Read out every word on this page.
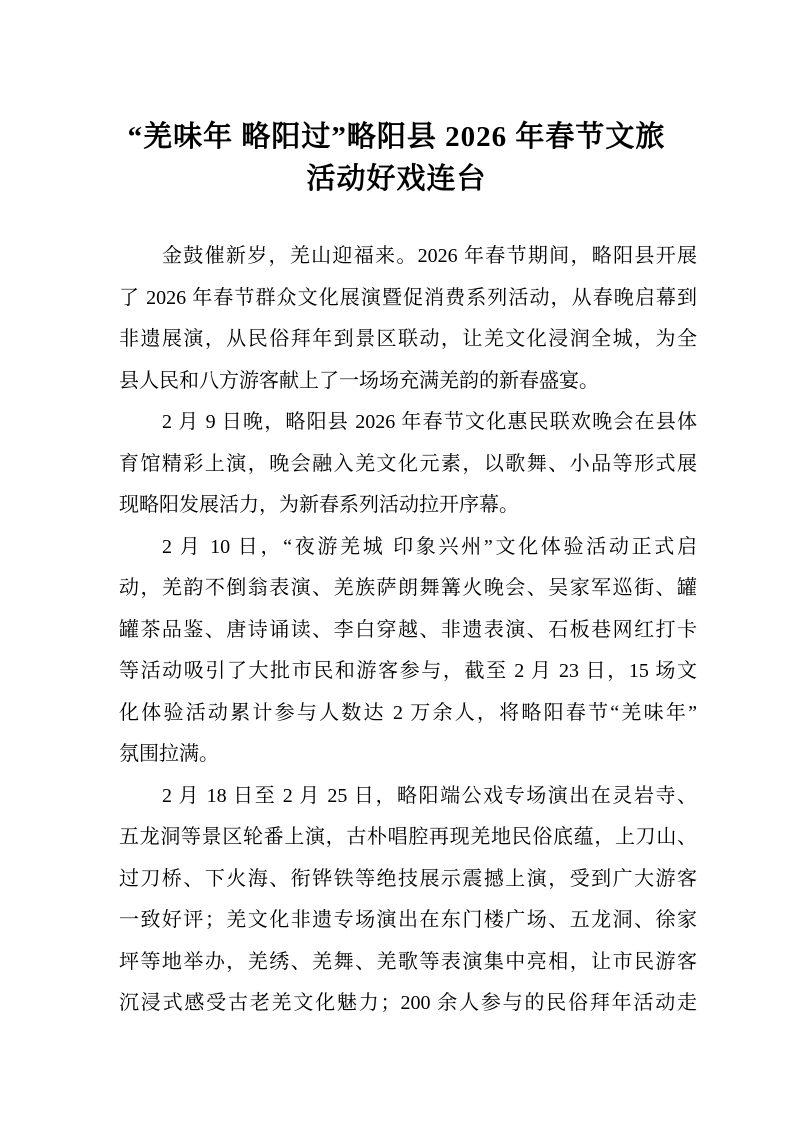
“羌味年 略阳过”略阳县 2026 年春节文旅
活动好戏连台
金鼓催新岁，羌山迎福来。2026 年春节期间，略阳县开展
了 2026 年春节群众文化展演暨促消费系列活动，从春晚启幕到
非遗展演，从民俗拜年到景区联动，让羌文化浸润全城，为全
县人民和八方游客献上了一场场充满羌韵的新春盛宴。
2 月 9 日晚，略阳县 2026 年春节文化惠民联欢晚会在县体
育馆精彩上演，晚会融入羌文化元素，以歌舞、小品等形式展
现略阳发展活力，为新春系列活动拉开序幕。
2 月 10 日，“夜游羌城 印象兴州”文化体验活动正式启
动，羌韵不倒翁表演、羌族萨朗舞篝火晚会、吴家军巡街、罐
罐茶品鉴、唐诗诵读、李白穿越、非遗表演、石板巷网红打卡
等活动吸引了大批市民和游客参与，截至 2 月 23 日，15 场文
化体验活动累计参与人数达 2 万余人，将略阳春节“羌味年”
氛围拉满。
2 月 18 日至 2 月 25 日，略阳端公戏专场演出在灵岩寺、
五龙洞等景区轮番上演，古朴唱腔再现羌地民俗底蕴，上刀山、
过刀桥、下火海、衔铧铁等绝技展示震撼上演，受到广大游客
一致好评；羌文化非遗专场演出在东门楼广场、五龙洞、徐家
坪等地举办，羌绣、羌舞、羌歌等表演集中亮相，让市民游客
沉浸式感受古老羌文化魅力；200 余人参与的民俗拜年活动走
